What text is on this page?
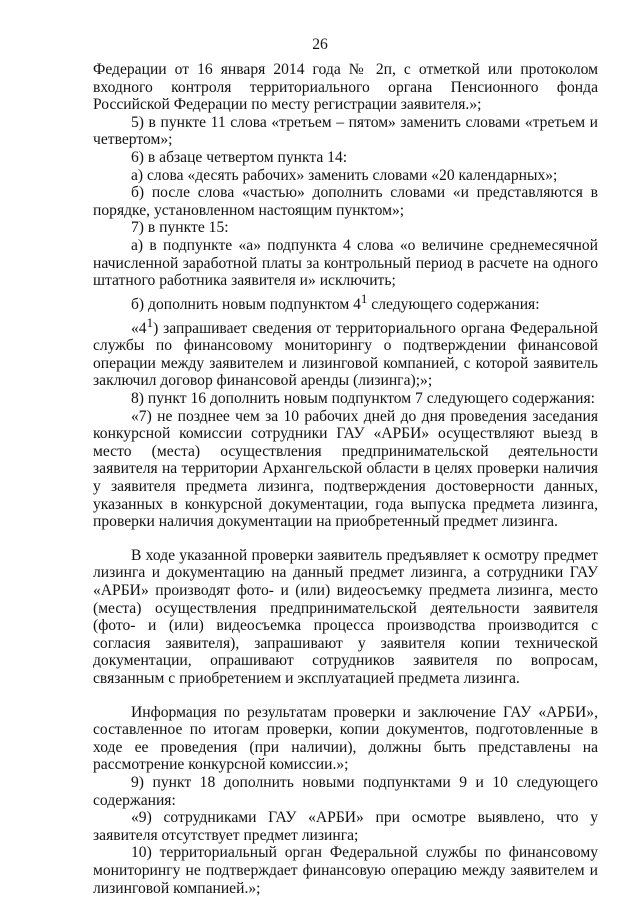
26

Федерации от 16 января 2014 года № 2п, с отметкой или протоколом входного контроля территориального органа Пенсионного фонда Российской Федерации по месту регистрации заявителя.»;

5) в пункте 11 слова «третьем – пятом» заменить словами «третьем и четвертом»;

6) в абзаце четвертом пункта 14:

а) слова «десять рабочих» заменить словами «20 календарных»;

б) после слова «частью» дополнить словами «и представляются в порядке, установленном настоящим пунктом»;

7) в пункте 15:

а) в подпункте «а» подпункта 4 слова «о величине среднемесячной начисленной заработной платы за контрольный период в расчете на одного штатного работника заявителя и» исключить;

б) дополнить новым подпунктом $4^1$ следующего содержания:

«$4^1$) запрашивает сведения от территориального органа Федеральной службы по финансовому мониторингу о подтверждении финансовой операции между заявителем и лизинговой компанией, с которой заявитель заключил договор финансовой аренды (лизинга);»;

8) пункт 16 дополнить новым подпунктом 7 следующего содержания:

«7) не позднее чем за 10 рабочих дней до дня проведения заседания конкурсной комиссии сотрудники ГАУ «АРБИ» осуществляют выезд в место (места) осуществления предпринимательской деятельности заявителя на территории Архангельской области в целях проверки наличия у заявителя предмета лизинга, подтверждения достоверности данных, указанных в конкурсной документации, года выпуска предмета лизинга, проверки наличия документации на приобретенный предмет лизинга.

В ходе указанной проверки заявитель предъявляет к осмотру предмет лизинга и документацию на данный предмет лизинга, а сотрудники ГАУ «АРБИ» производят фото- и (или) видеосъемку предмета лизинга, место (места) осуществления предпринимательской деятельности заявителя (фото- и (или) видеосъемка процесса производства производится с согласия заявителя), запрашивают у заявителя копии технической документации, опрашивают сотрудников заявителя по вопросам, связанным с приобретением и эксплуатацией предмета лизинга.

Информация по результатам проверки и заключение ГАУ «АРБИ», составленное по итогам проверки, копии документов, подготовленные в ходе ее проведения (при наличии), должны быть представлены на рассмотрение конкурсной комиссии.»;

9) пункт 18 дополнить новыми подпунктами 9 и 10 следующего содержания:

«9) сотрудниками ГАУ «АРБИ» при осмотре выявлено, что у заявителя отсутствует предмет лизинга;

10) территориальный орган Федеральной службы по финансовому мониторингу не подтверждает финансовую операцию между заявителем и лизинговой компанией.»;
